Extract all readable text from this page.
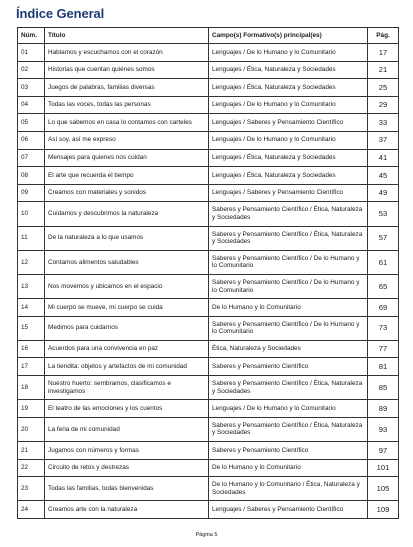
Índice General
Núm.	Título	Campo(s) Formativo(s) principal(es)	Pág.
01	Hablamos y escuchamos con el corazón	Lenguajes / De lo Humano y lo Comunitario	17
02	Historias que cuentan quiénes somos	Lenguajes / Ética, Naturaleza y Sociedades	21
03	Juegos de palabras, familias diversas	Lenguajes / Ética, Naturaleza y Sociedades	25
04	Todas las voces, todas las personas	Lenguajes / De lo Humano y lo Comunitario	29
05	Lo que sabemos en casa lo contamos con carteles	Lenguajes / Saberes y Pensamiento Científico	33
06	Así soy, así me expreso	Lenguajes / De lo Humano y lo Comunitario	37
07	Mensajes para quienes nos cuidan	Lenguajes / Ética, Naturaleza y Sociedades	41
08	El arte que recuerda el tiempo	Lenguajes / Ética, Naturaleza y Sociedades	45
09	Creamos con materiales y sonidos	Lenguajes / Saberes y Pensamiento Científico	49
10	Cuidamos y descubrimos la naturaleza	Saberes y Pensamiento Científico / Ética, Naturaleza y Sociedades	53
11	De la naturaleza a lo que usamos	Saberes y Pensamiento Científico / Ética, Naturaleza y Sociedades	57
12	Contamos alimentos saludables	Saberes y Pensamiento Científico / De lo Humano y lo Comunitario	61
13	Nos movemos y ubicamos en el espacio	Saberes y Pensamiento Científico / De lo Humano y lo Comunitario	65
14	Mi cuerpo se mueve, mi cuerpo se cuida	De lo Humano y lo Comunitario	69
15	Medimos para cuidarnos	Saberes y Pensamiento Científico / De lo Humano y lo Comunitario	73
16	Acuerdos para una convivencia en paz	Ética, Naturaleza y Sociedades	77
17	La tiendita: objetos y artefactos de mi comunidad	Saberes y Pensamiento Científico	81
18	Nuestro huerto: sembramos, clasificamos e investigamos	Saberes y Pensamiento Científico / Ética, Naturaleza y Sociedades	85
19	El teatro de las emociones y los cuentos	Lenguajes / De lo Humano y lo Comunitario	89
20	La feria de mi comunidad	Saberes y Pensamiento Científico / Ética, Naturaleza y Sociedades	93
21	Jugamos con números y formas	Saberes y Pensamiento Científico	97
22	Circuito de retos y destrezas	De lo Humano y lo Comunitario	101
23	Todas las familias, todas bienvenidas	De lo Humano y lo Comunitario / Ética, Naturaleza y Sociedades	105
24	Creamos arte con la naturaleza	Lenguajes / Saberes y Pensamiento Científico	109
Página 5
